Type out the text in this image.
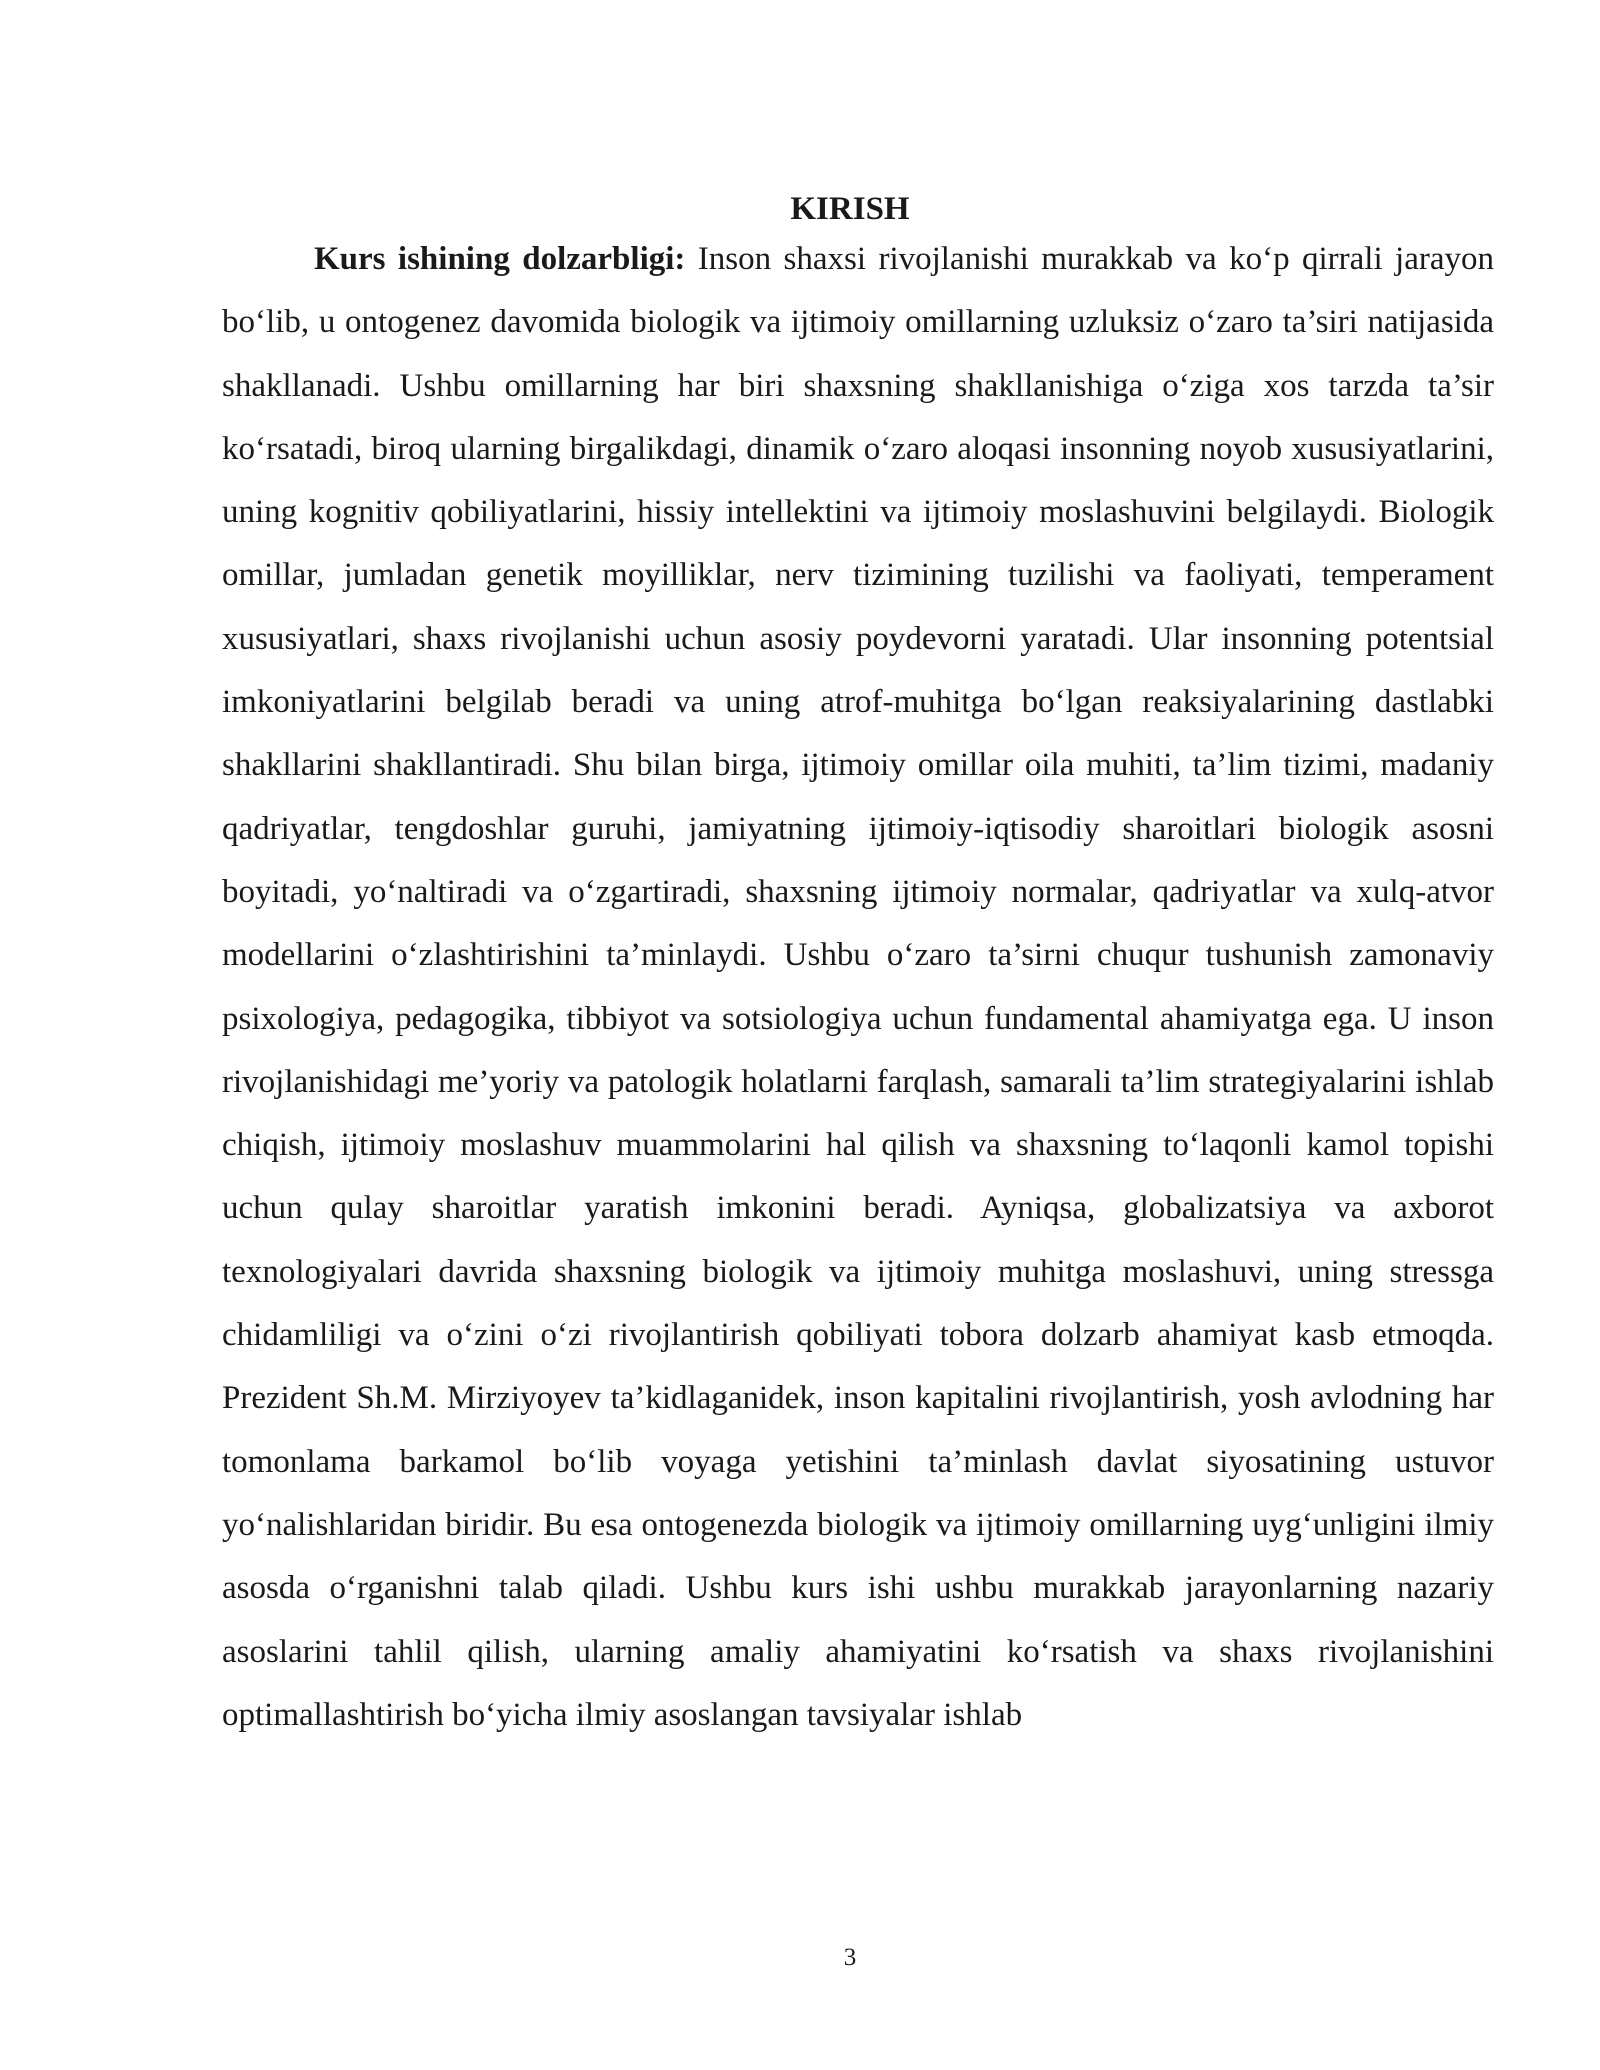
KIRISH

Kurs ishining dolzarbligi: Inson shaxsi rivojlanishi murakkab va ko‘p qirrali jarayon bo‘lib, u ontogenez davomida biologik va ijtimoiy omillarning uzluksiz o‘zaro ta’siri natijasida shakllanadi. Ushbu omillarning har biri shaxsning shakllanishiga o‘ziga xos tarzda ta’sir ko‘rsatadi, biroq ularning birgalikdagi, dinamik o‘zaro aloqasi insonning noyob xususiyatlarini, uning kognitiv qobiliyatlarini, hissiy intellektini va ijtimoiy moslashuvini belgilaydi. Biologik omillar, jumladan genetik moyilliklar, nerv tizimining tuzilishi va faoliyati, temperament xususiyatlari, shaxs rivojlanishi uchun asosiy poydevorni yaratadi. Ular insonning potentsial imkoniyatlarini belgilab beradi va uning atrof-muhitga bo‘lgan reaksiyalarining dastlabki shakllarini shakllantiradi. Shu bilan birga, ijtimoiy omillar oila muhiti, ta’lim tizimi, madaniy qadriyatlar, tengdoshlar guruhi, jamiyatning ijtimoiy-iqtisodiy sharoitlari biologik asosni boyitadi, yo‘naltiradi va o‘zgartiradi, shaxsning ijtimoiy normalar, qadriyatlar va xulq-atvor modellarini o‘zlashtirishini ta’minlaydi. Ushbu o‘zaro ta’sirni chuqur tushunish zamonaviy psixologiya, pedagogika, tibbiyot va sotsiologiya uchun fundamental ahamiyatga ega. U inson rivojlanishidagi me’yoriy va patologik holatlarni farqlash, samarali ta’lim strategiyalarini ishlab chiqish, ijtimoiy moslashuv muammolarini hal qilish va shaxsning to‘laqonli kamol topishi uchun qulay sharoitlar yaratish imkonini beradi. Ayniqsa, globalizatsiya va axborot texnologiyalari davrida shaxsning biologik va ijtimoiy muhitga moslashuvi, uning stressga chidamliligi va o‘zini o‘zi rivojlantirish qobiliyati tobora dolzarb ahamiyat kasb etmoqda. Prezident Sh.M. Mirziyoyev ta’kidlaganidek, inson kapitalini rivojlantirish, yosh avlodning har tomonlama barkamol bo‘lib voyaga yetishini ta’minlash davlat siyosatining ustuvor yo‘nalishlaridan biridir. Bu esa ontogenezda biologik va ijtimoiy omillarning uyg‘unligini ilmiy asosda o‘rganishni talab qiladi. Ushbu kurs ishi ushbu murakkab jarayonlarning nazariy asoslarini tahlil qilish, ularning amaliy ahamiyatini ko‘rsatish va shaxs rivojlanishini optimallashtirish bo‘yicha ilmiy asoslangan tavsiyalar ishlab

3
